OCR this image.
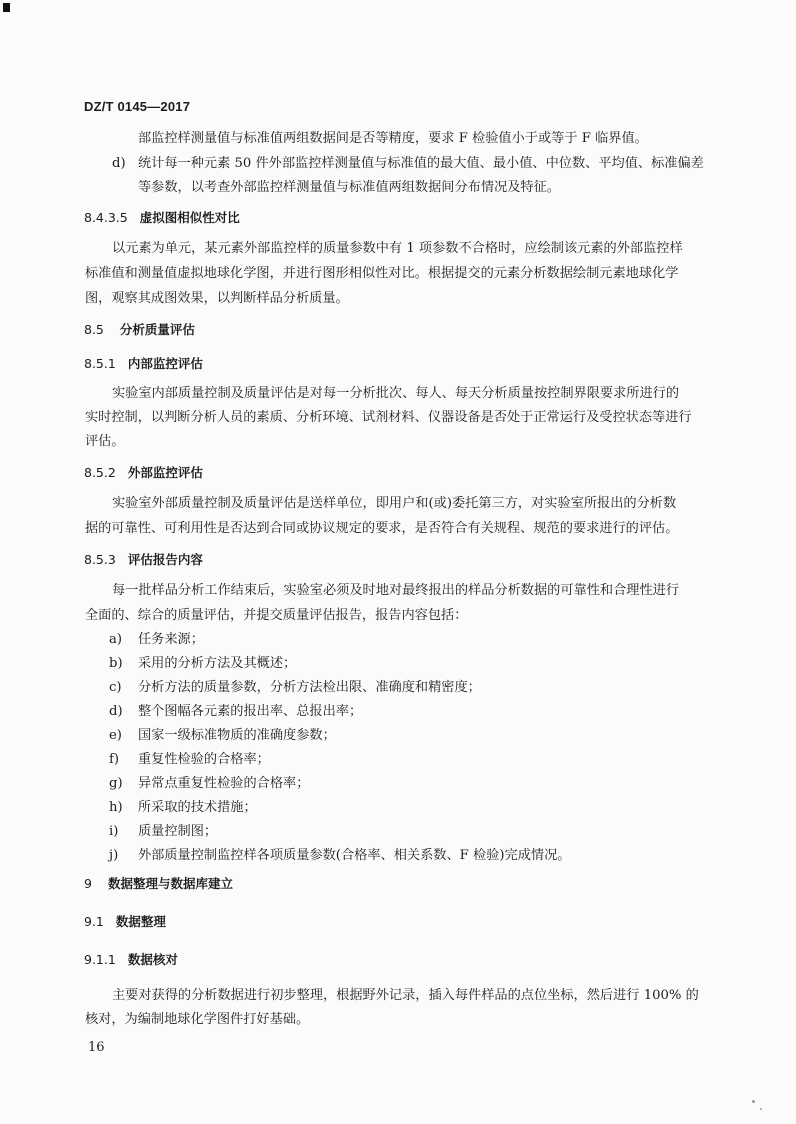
DZ/T 0145—2017
部监控样测量值与标准值两组数据间是否等精度，要求 F 检验值小于或等于 F 临界值。
d) 统计每一种元素 50 件外部监控样测量值与标准值的最大值、最小值、中位数、平均值、标准偏差
等参数，以考查外部监控样测量值与标准值两组数据间分布情况及特征。
8.4.3.5 虚拟图相似性对比
以元素为单元，某元素外部监控样的质量参数中有 1 项参数不合格时，应绘制该元素的外部监控样
标准值和测量值虚拟地球化学图，并进行图形相似性对比。根据提交的元素分析数据绘制元素地球化学
图，观察其成图效果，以判断样品分析质量。
8.5 分析质量评估
8.5.1 内部监控评估
实验室内部质量控制及质量评估是对每一分析批次、每人、每天分析质量按控制界限要求所进行的
实时控制，以判断分析人员的素质、分析环境、试剂材料、仪器设备是否处于正常运行及受控状态等进行
评估。
8.5.2 外部监控评估
实验室外部质量控制及质量评估是送样单位，即用户和(或)委托第三方，对实验室所报出的分析数
据的可靠性、可利用性是否达到合同或协议规定的要求，是否符合有关规程、规范的要求进行的评估。
8.5.3 评估报告内容
每一批样品分析工作结束后，实验室必须及时地对最终报出的样品分析数据的可靠性和合理性进行
全面的、综合的质量评估，并提交质量评估报告，报告内容包括：
a) 任务来源；
b) 采用的分析方法及其概述；
c) 分析方法的质量参数，分析方法检出限、准确度和精密度；
d) 整个图幅各元素的报出率、总报出率；
e) 国家一级标准物质的准确度参数；
f) 重复性检验的合格率；
g) 异常点重复性检验的合格率；
h) 所采取的技术措施；
i) 质量控制图；
j) 外部质量控制监控样各项质量参数(合格率、相关系数、F 检验)完成情况。
9 数据整理与数据库建立
9.1 数据整理
9.1.1 数据核对
主要对获得的分析数据进行初步整理，根据野外记录，插入每件样品的点位坐标，然后进行 100% 的
核对，为编制地球化学图件打好基础。
16
